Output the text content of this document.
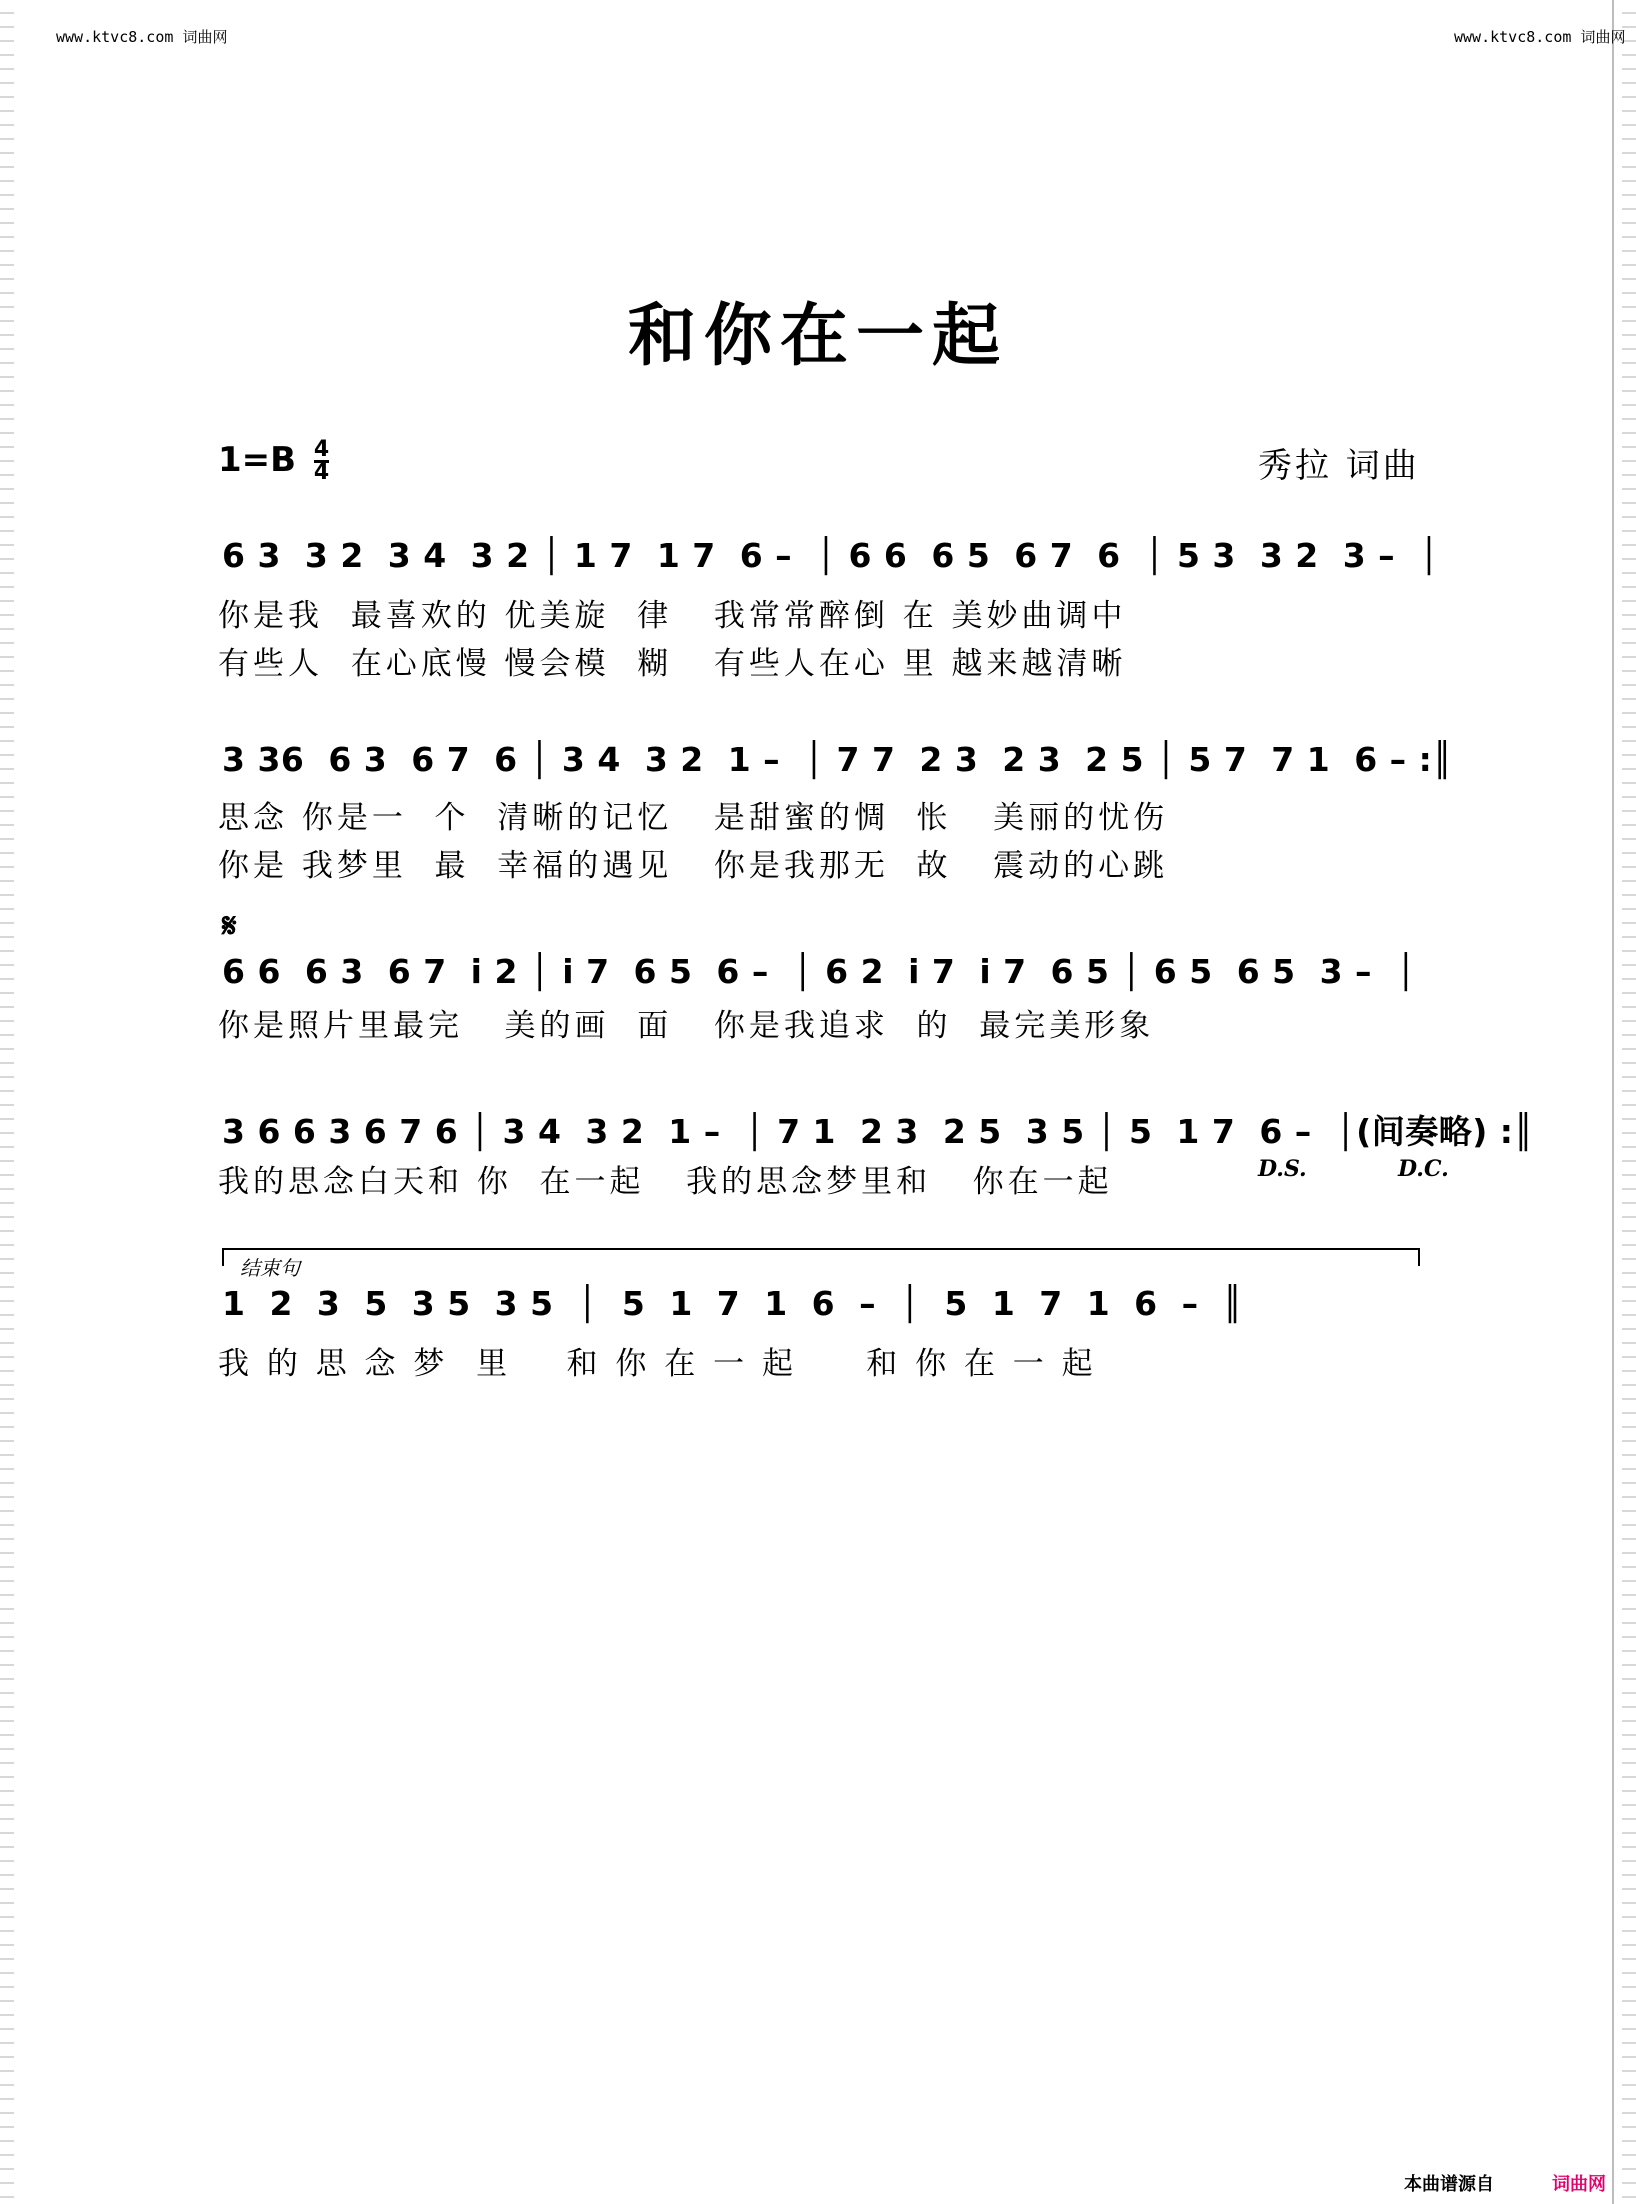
www.ktvc8.com 词曲网	www.ktvc8.com 词曲网
和你在一起
$1=B \frac{4}{4}$	秀拉 词曲
6 3  3 2  3 4  3 2 │ 1 7  1 7  6 –  │ 6 6  6 5  6 7  6  │ 5 3  3 2  3 –  │
你是我  最喜欢的 优美旋  律   我常常醉倒 在 美妙曲调中
有些人  在心底慢 慢会模  糊   有些人在心 里 越来越清晰
3 36  6 3  6 7  6 │ 3 4  3 2  1 –  │ 7 7  2 3  2 3  2 5 │ 5 7  7 1  6 – :║
思念 你是一  个  清晰的记忆   是甜蜜的惆  怅   美丽的忧伤
你是 我梦里  最  幸福的遇见   你是我那无  故   震动的心跳
𝄋
6 6  6 3  6 7  i 2 │ i 7  6 5  6 –  │ 6 2  i 7  i 7  6 5 │ 6 5  6 5  3 –  │
你是照片里最完   美的画  面   你是我追求  的  最完美形象
3 6 6 3 6 7 6 │ 3 4  3 2  1 –  │ 7 1  2 3  2 5  3 5 │ 5  1 7  6 –  │(间奏略) :║
我的思念白天和 你  在一起   我的思念梦里和   你在一起	D.S.	D.C.
结束句
1  2  3  5  3 5  3 5  │  5  1  7  1  6  –  │  5  1  7  1  6  –  ║
我 的 思 念 梦  里    和 你 在 一 起     和 你 在 一 起
本曲谱源自	词曲网
